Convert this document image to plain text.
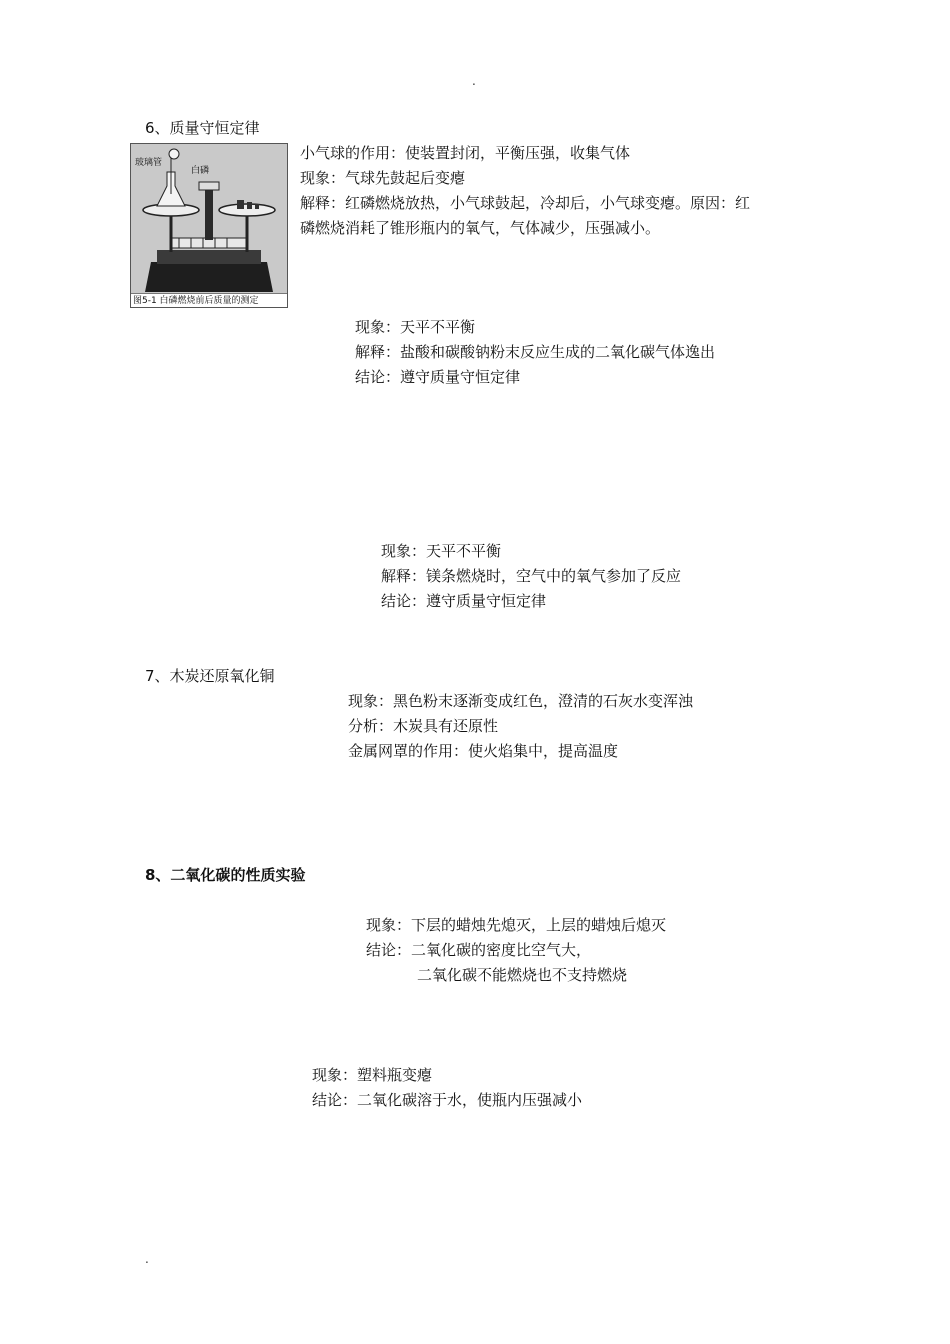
.
6、质量守恒定律
玻璃管
白磷
图5-1 白磷燃烧前后质量的测定
小气球的作用：使装置封闭，平衡压强，收集气体
现象：气球先鼓起后变瘪
解释：红磷燃烧放热，小气球鼓起，冷却后，小气球变瘪。原因：红
磷燃烧消耗了锥形瓶内的氧气，气体减少，压强减小。
现象：天平不平衡
解释：盐酸和碳酸钠粉末反应生成的二氧化碳气体逸出
结论：遵守质量守恒定律
现象：天平不平衡
解释：镁条燃烧时，空气中的氧气参加了反应
结论：遵守质量守恒定律
7、木炭还原氧化铜
现象：黑色粉末逐渐变成红色，澄清的石灰水变浑浊
分析：木炭具有还原性
金属网罩的作用：使火焰集中，提高温度
8、二氧化碳的性质实验
现象：下层的蜡烛先熄灭，上层的蜡烛后熄灭
结论：二氧化碳的密度比空气大，
二氧化碳不能燃烧也不支持燃烧
现象：塑料瓶变瘪
结论：二氧化碳溶于水，使瓶内压强减小
.
